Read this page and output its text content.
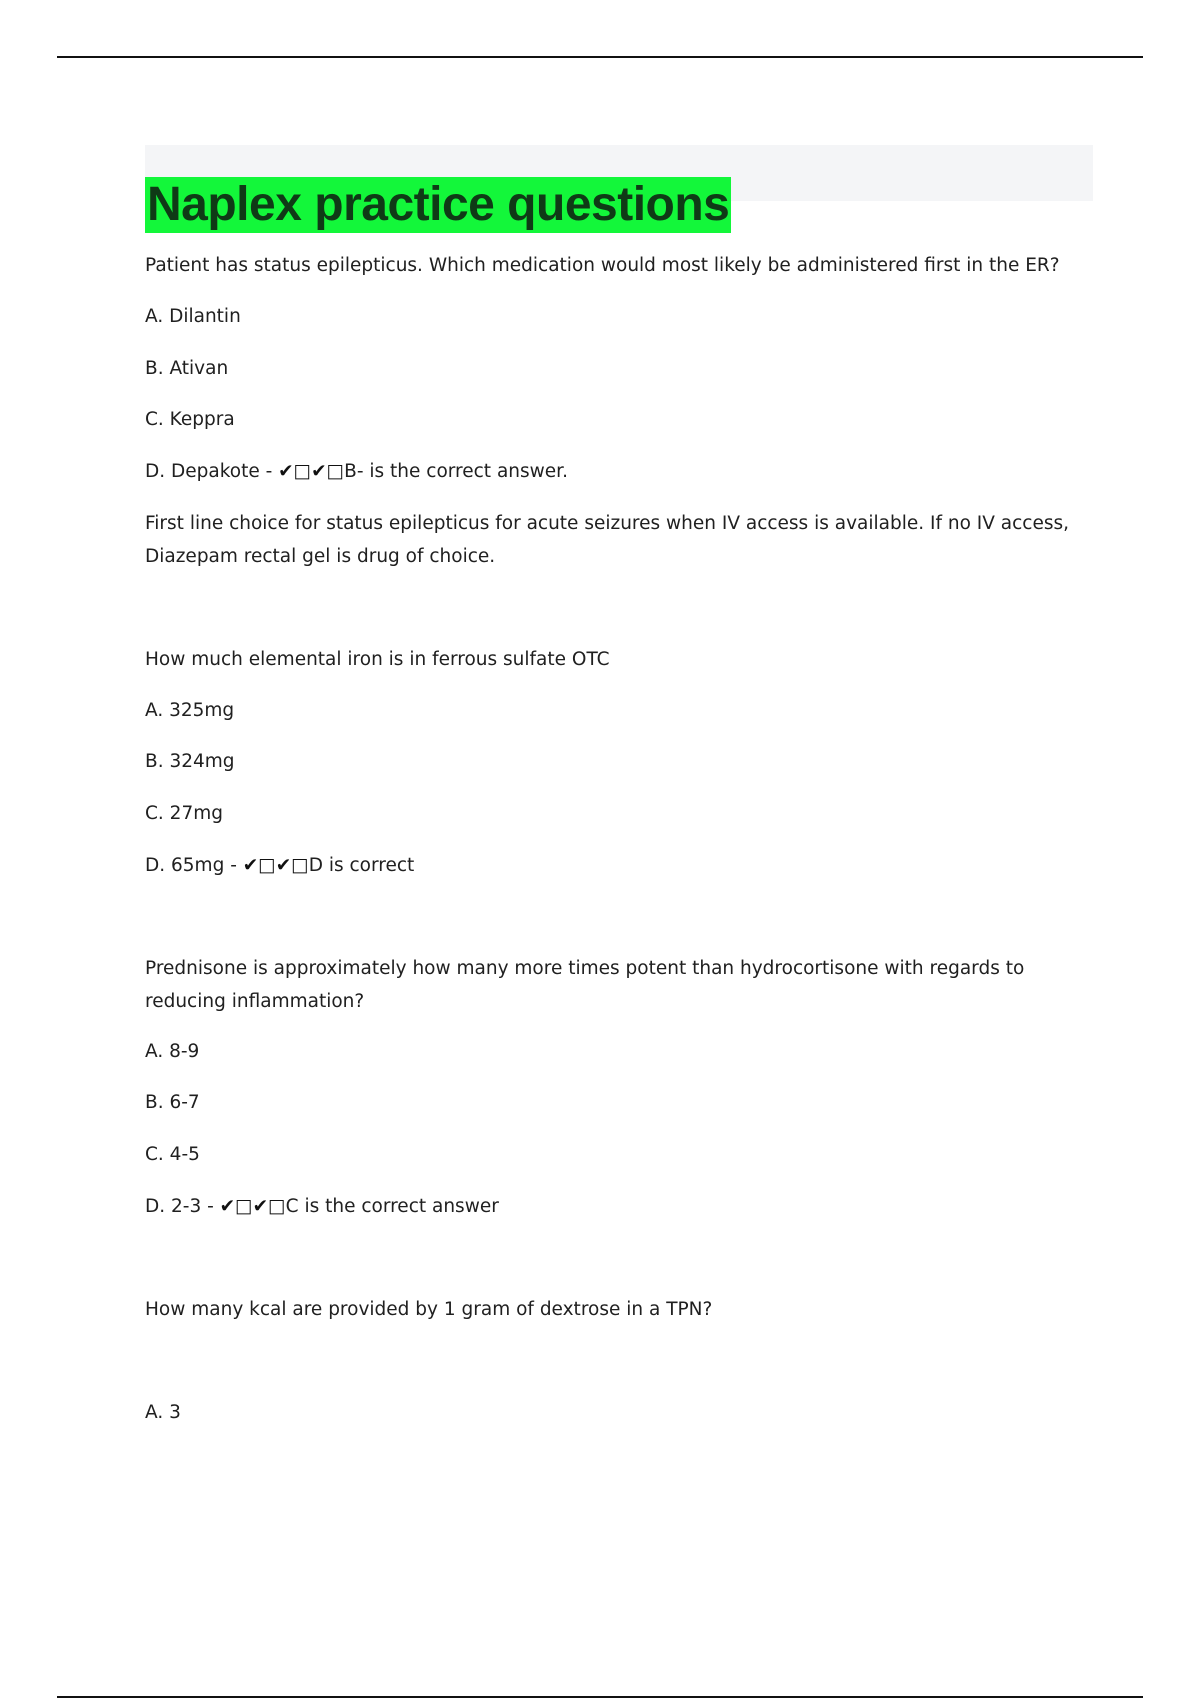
Naplex practice questions

Patient has status epilepticus. Which medication would most likely be administered first in the ER?

A. Dilantin

B. Ativan

C. Keppra

D. Depakote - ✔□✔□B- is the correct answer.

First line choice for status epilepticus for acute seizures when IV access is available. If no IV access, Diazepam rectal gel is drug of choice.

How much elemental iron is in ferrous sulfate OTC

A. 325mg

B. 324mg

C. 27mg

D. 65mg - ✔□✔□D is correct

Prednisone is approximately how many more times potent than hydrocortisone with regards to reducing inflammation?

A. 8-9

B. 6-7

C. 4-5

D. 2-3 - ✔□✔□C is the correct answer

How many kcal are provided by 1 gram of dextrose in a TPN?

A. 3
